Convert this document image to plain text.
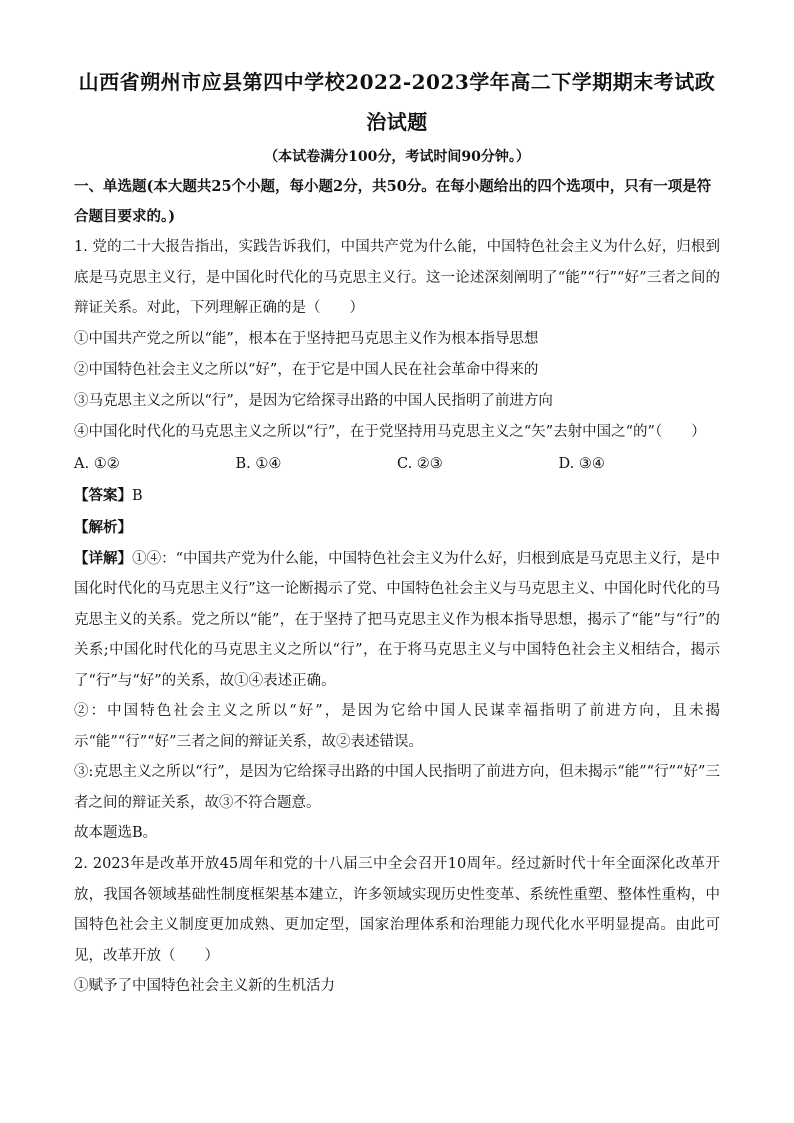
山西省朔州市应县第四中学校2022-2023学年高二下学期期末考试政

治试题

（本试卷满分100分，考试时间90分钟。）

一、单选题(本大题共25个小题，每小题2分，共50分。在每小题给出的四个选项中，只有一项是符合题目要求的。)

1. 党的二十大报告指出，实践告诉我们，中国共产党为什么能，中国特色社会主义为什么好，归根到底是马克思主义行，是中国化时代化的马克思主义行。这一论述深刻阐明了“能”“行”“好”三者之间的辩证关系。对此，下列理解正确的是（　　）

①中国共产党之所以“能”，根本在于坚持把马克思主义作为根本指导思想

②中国特色社会主义之所以“好”，在于它是中国人民在社会革命中得来的

③马克思主义之所以“行”，是因为它给探寻出路的中国人民指明了前进方向

④中国化时代化的马克思主义之所以“行”，在于党坚持用马克思主义之“矢”去射中国之“的”（　　）

A. ①②	B. ①④	C. ②③	D. ③④

【答案】B

【解析】

【详解】①④：“中国共产党为什么能，中国特色社会主义为什么好，归根到底是马克思主义行，是中国化时代化的马克思主义行”这一论断揭示了党、中国特色社会主义与马克思主义、中国化时代化的马克思主义的关系。党之所以“能”，在于坚持了把马克思主义作为根本指导思想，揭示了“能”与“行”的关系;中国化时代化的马克思主义之所以“行”，在于将马克思主义与中国特色社会主义相结合，揭示了“行”与“好”的关系，故①④表述正确。

②：中国特色社会主义之所以“好”，是因为它给中国人民谋幸福指明了前进方向，且未揭示“能”“行”“好”三者之间的辩证关系，故②表述错误。

③:克思主义之所以“行”，是因为它给探寻出路的中国人民指明了前进方向，但未揭示“能”“行”“好”三者之间的辩证关系，故③不符合题意。

故本题选B。

2. 2023年是改革开放45周年和党的十八届三中全会召开10周年。经过新时代十年全面深化改革开放，我国各领域基础性制度框架基本建立，许多领域实现历史性变革、系统性重塑、整体性重构，中国特色社会主义制度更加成熟、更加定型，国家治理体系和治理能力现代化水平明显提高。由此可见，改革开放（　　）

①赋予了中国特色社会主义新的生机活力
